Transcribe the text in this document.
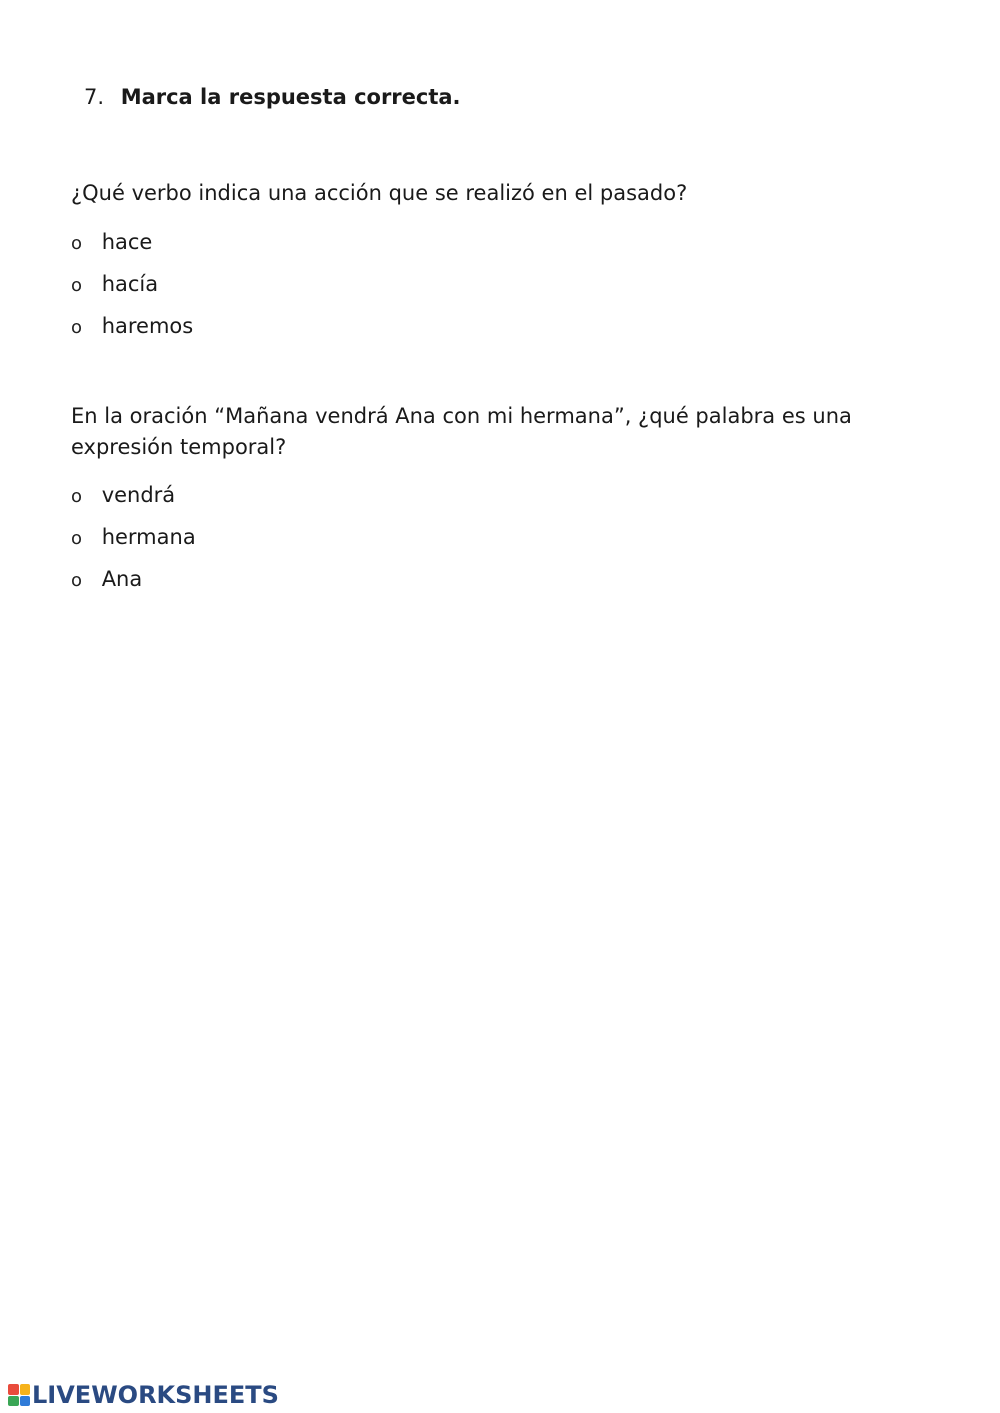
7. Marca la respuesta correcta.
¿Qué verbo indica una acción que se realizó en el pasado?
o hace
o hacía
o haremos
En la oración “Mañana vendrá Ana con mi hermana”, ¿qué palabra es una expresión temporal?
o vendrá
o hermana
o Ana
LIVEWORKSHEETS
